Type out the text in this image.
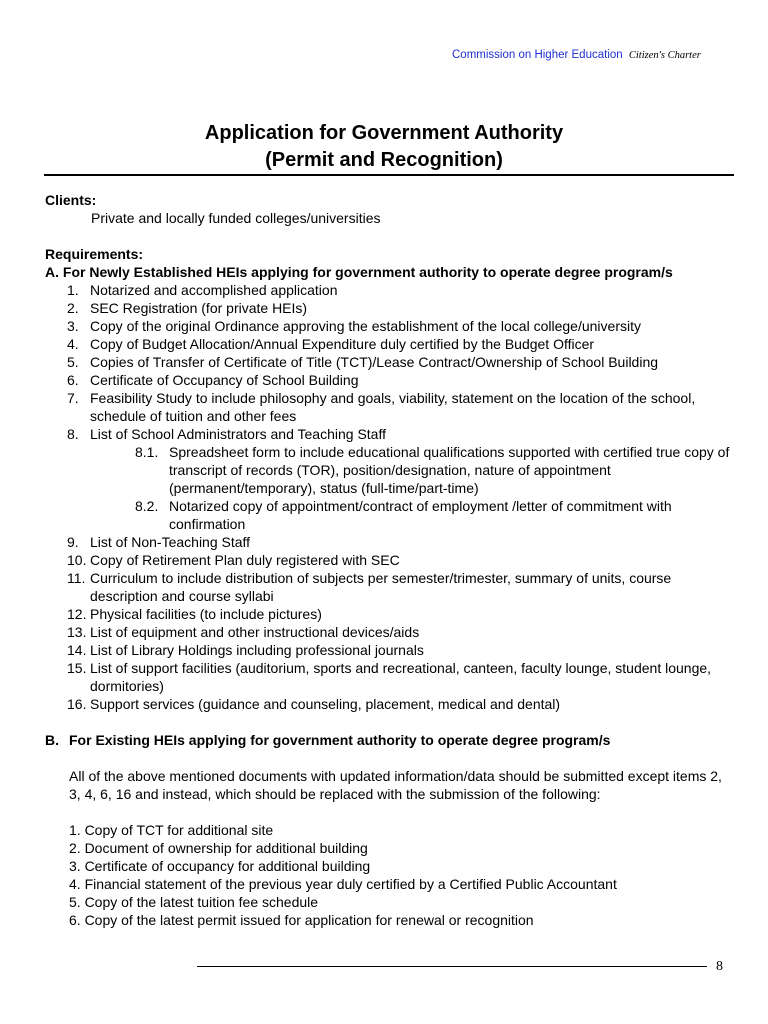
Commission on Higher Education Citizen's Charter
Application for Government Authority
(Permit and Recognition)
Clients:
Private and locally funded colleges/universities
Requirements:
A. For Newly Established HEIs applying for government authority to operate degree program/s
1. Notarized and accomplished application
2. SEC Registration (for private HEIs)
3. Copy of the original Ordinance approving the establishment of the local college/university
4. Copy of Budget Allocation/Annual Expenditure duly certified by the Budget Officer
5. Copies of Transfer of Certificate of Title (TCT)/Lease Contract/Ownership of School Building
6. Certificate of Occupancy of School Building
7. Feasibility Study to include philosophy and goals, viability, statement on the location of the school, schedule of tuition and other fees
8. List of School Administrators and Teaching Staff
8.1. Spreadsheet form to include educational qualifications supported with certified true copy of transcript of records (TOR), position/designation, nature of appointment (permanent/temporary), status (full-time/part-time)
8.2. Notarized copy of appointment/contract of employment /letter of commitment with confirmation
9. List of Non-Teaching Staff
10. Copy of Retirement Plan duly registered with SEC
11. Curriculum to include distribution of subjects per semester/trimester, summary of units, course description and course syllabi
12. Physical facilities (to include pictures)
13. List of equipment and other instructional devices/aids
14. List of Library Holdings including professional journals
15. List of support facilities (auditorium, sports and recreational, canteen, faculty lounge, student lounge, dormitories)
16. Support services (guidance and counseling, placement, medical and dental)
B. For Existing HEIs applying for government authority to operate degree program/s
All of the above mentioned documents with updated information/data should be submitted except items 2, 3, 4, 6, 16 and instead, which should be replaced with the submission of the following:
1. Copy of TCT for additional site
2. Document of ownership for additional building
3. Certificate of occupancy for additional building
4. Financial statement of the previous year duly certified by a Certified Public Accountant
5. Copy of the latest tuition fee schedule
6. Copy of the latest permit issued for application for renewal or recognition
8
